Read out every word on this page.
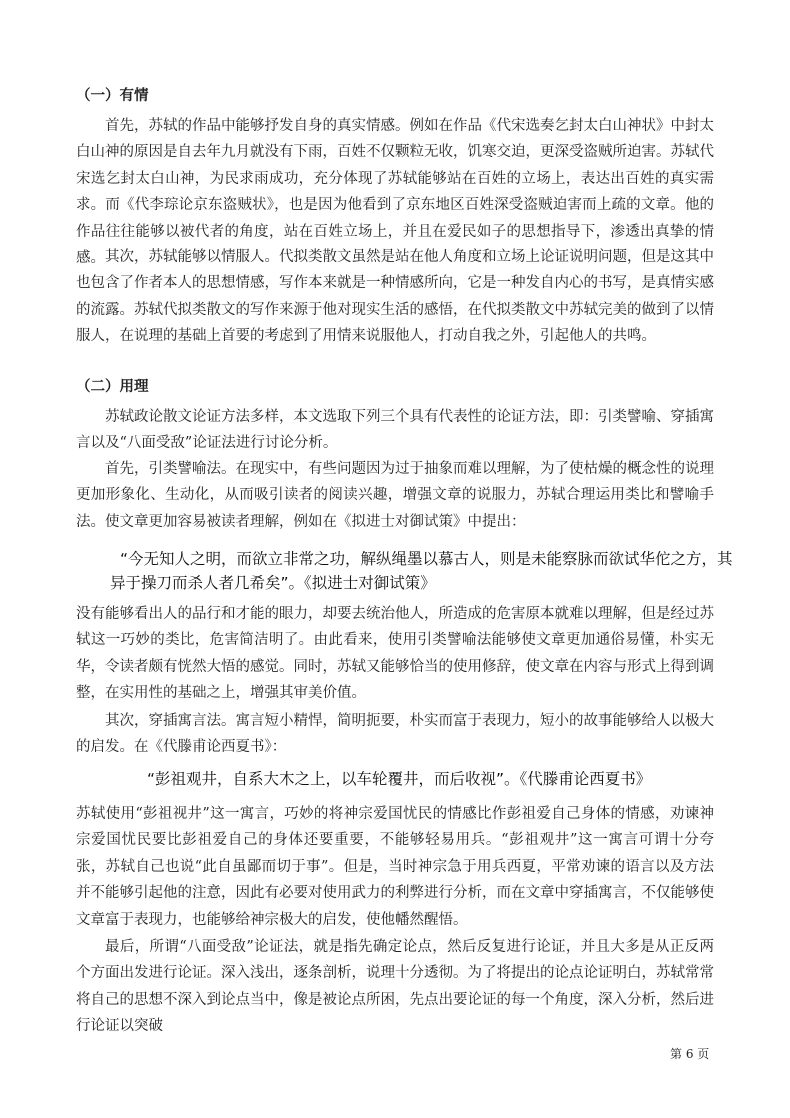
（一）有情

首先，苏轼的作品中能够抒发自身的真实情感。例如在作品《代宋选奏乞封太白山神状》中封太白山神的原因是自去年九月就没有下雨，百姓不仅颗粒无收，饥寒交迫，更深受盗贼所迫害。苏轼代宋选乞封太白山神，为民求雨成功，充分体现了苏轼能够站在百姓的立场上，表达出百姓的真实需求。而《代李琮论京东盗贼状》，也是因为他看到了京东地区百姓深受盗贼迫害而上疏的文章。他的作品往往能够以被代者的角度，站在百姓立场上，并且在爱民如子的思想指导下，渗透出真挚的情感。 其次，苏轼能够以情服人。代拟类散文虽然是站在他人角度和立场上论证说明问题，但是这其中也包含了作者本人的思想情感，写作本来就是一种情感所向，它是一种发自内心的书写，是真情实感的流露。苏轼代拟类散文的写作来源于他对现实生活的感悟，在代拟类散文中苏轼完美的做到了以情服人，在说理的基础上首要的考虑到了用情来说服他人，打动自我之外，引起他人的共鸣。

（二）用理

苏轼政论散文论证方法多样，本文选取下列三个具有代表性的论证方法，即：引类譬喻、穿插寓言以及“八面受敌”论证法进行讨论分析。

首先，引类譬喻法。在现实中，有些问题因为过于抽象而难以理解，为了使枯燥的概念性的说理更加形象化、生动化，从而吸引读者的阅读兴趣，增强文章的说服力，苏轼合理运用类比和譬喻手法。使文章更加容易被读者理解，例如在《拟进士对御试策》中提出：

“今无知人之明，而欲立非常之功，解纵绳墨以慕古人，则是未能察脉而欲试华佗之方，其

异于操刀而杀人者几希矣”。《拟进士对御试策》

没有能够看出人的品行和才能的眼力，却要去统治他人，所造成的危害原本就难以理解，但是经过苏轼这一巧妙的类比，危害简洁明了。由此看来，使用引类譬喻法能够使文章更加通俗易懂，朴实无华，令读者颇有恍然大悟的感觉。同时，苏轼又能够恰当的使用修辞，使文章在内容与形式上得到调整，在实用性的基础之上，增强其审美价值。

其次，穿插寓言法。寓言短小精悍，简明扼要，朴实而富于表现力，短小的故事能够给人以极大的启发。在《代滕甫论西夏书》：

“彭祖观井，自系大木之上，以车轮覆井，而后收视”。《代滕甫论西夏书》

苏轼使用“彭祖视井”这一寓言，巧妙的将神宗爱国忧民的情感比作彭祖爱自己身体的情感，劝谏神宗爱国忧民要比彭祖爱自己的身体还要重要，不能够轻易用兵。“彭祖观井”这一寓言可谓十分夸张，苏轼自己也说“此自虽鄙而切于事”。但是，当时神宗急于用兵西夏，平常劝谏的语言以及方法并不能够引起他的注意，因此有必要对使用武力的利弊进行分析，而在文章中穿插寓言，不仅能够使文章富于表现力，也能够给神宗极大的启发，使他幡然醒悟。

最后，所谓“八面受敌”论证法，就是指先确定论点，然后反复进行论证，并且大多是从正反两个方面出发进行论证。深入浅出，逐条剖析，说理十分透彻。为了将提出的论点论证明白，苏轼常常将自己的思想不深入到论点当中，像是被论点所困，先点出要论证的每一个角度，深入分析，然后进行论证以突破

第 6 页
